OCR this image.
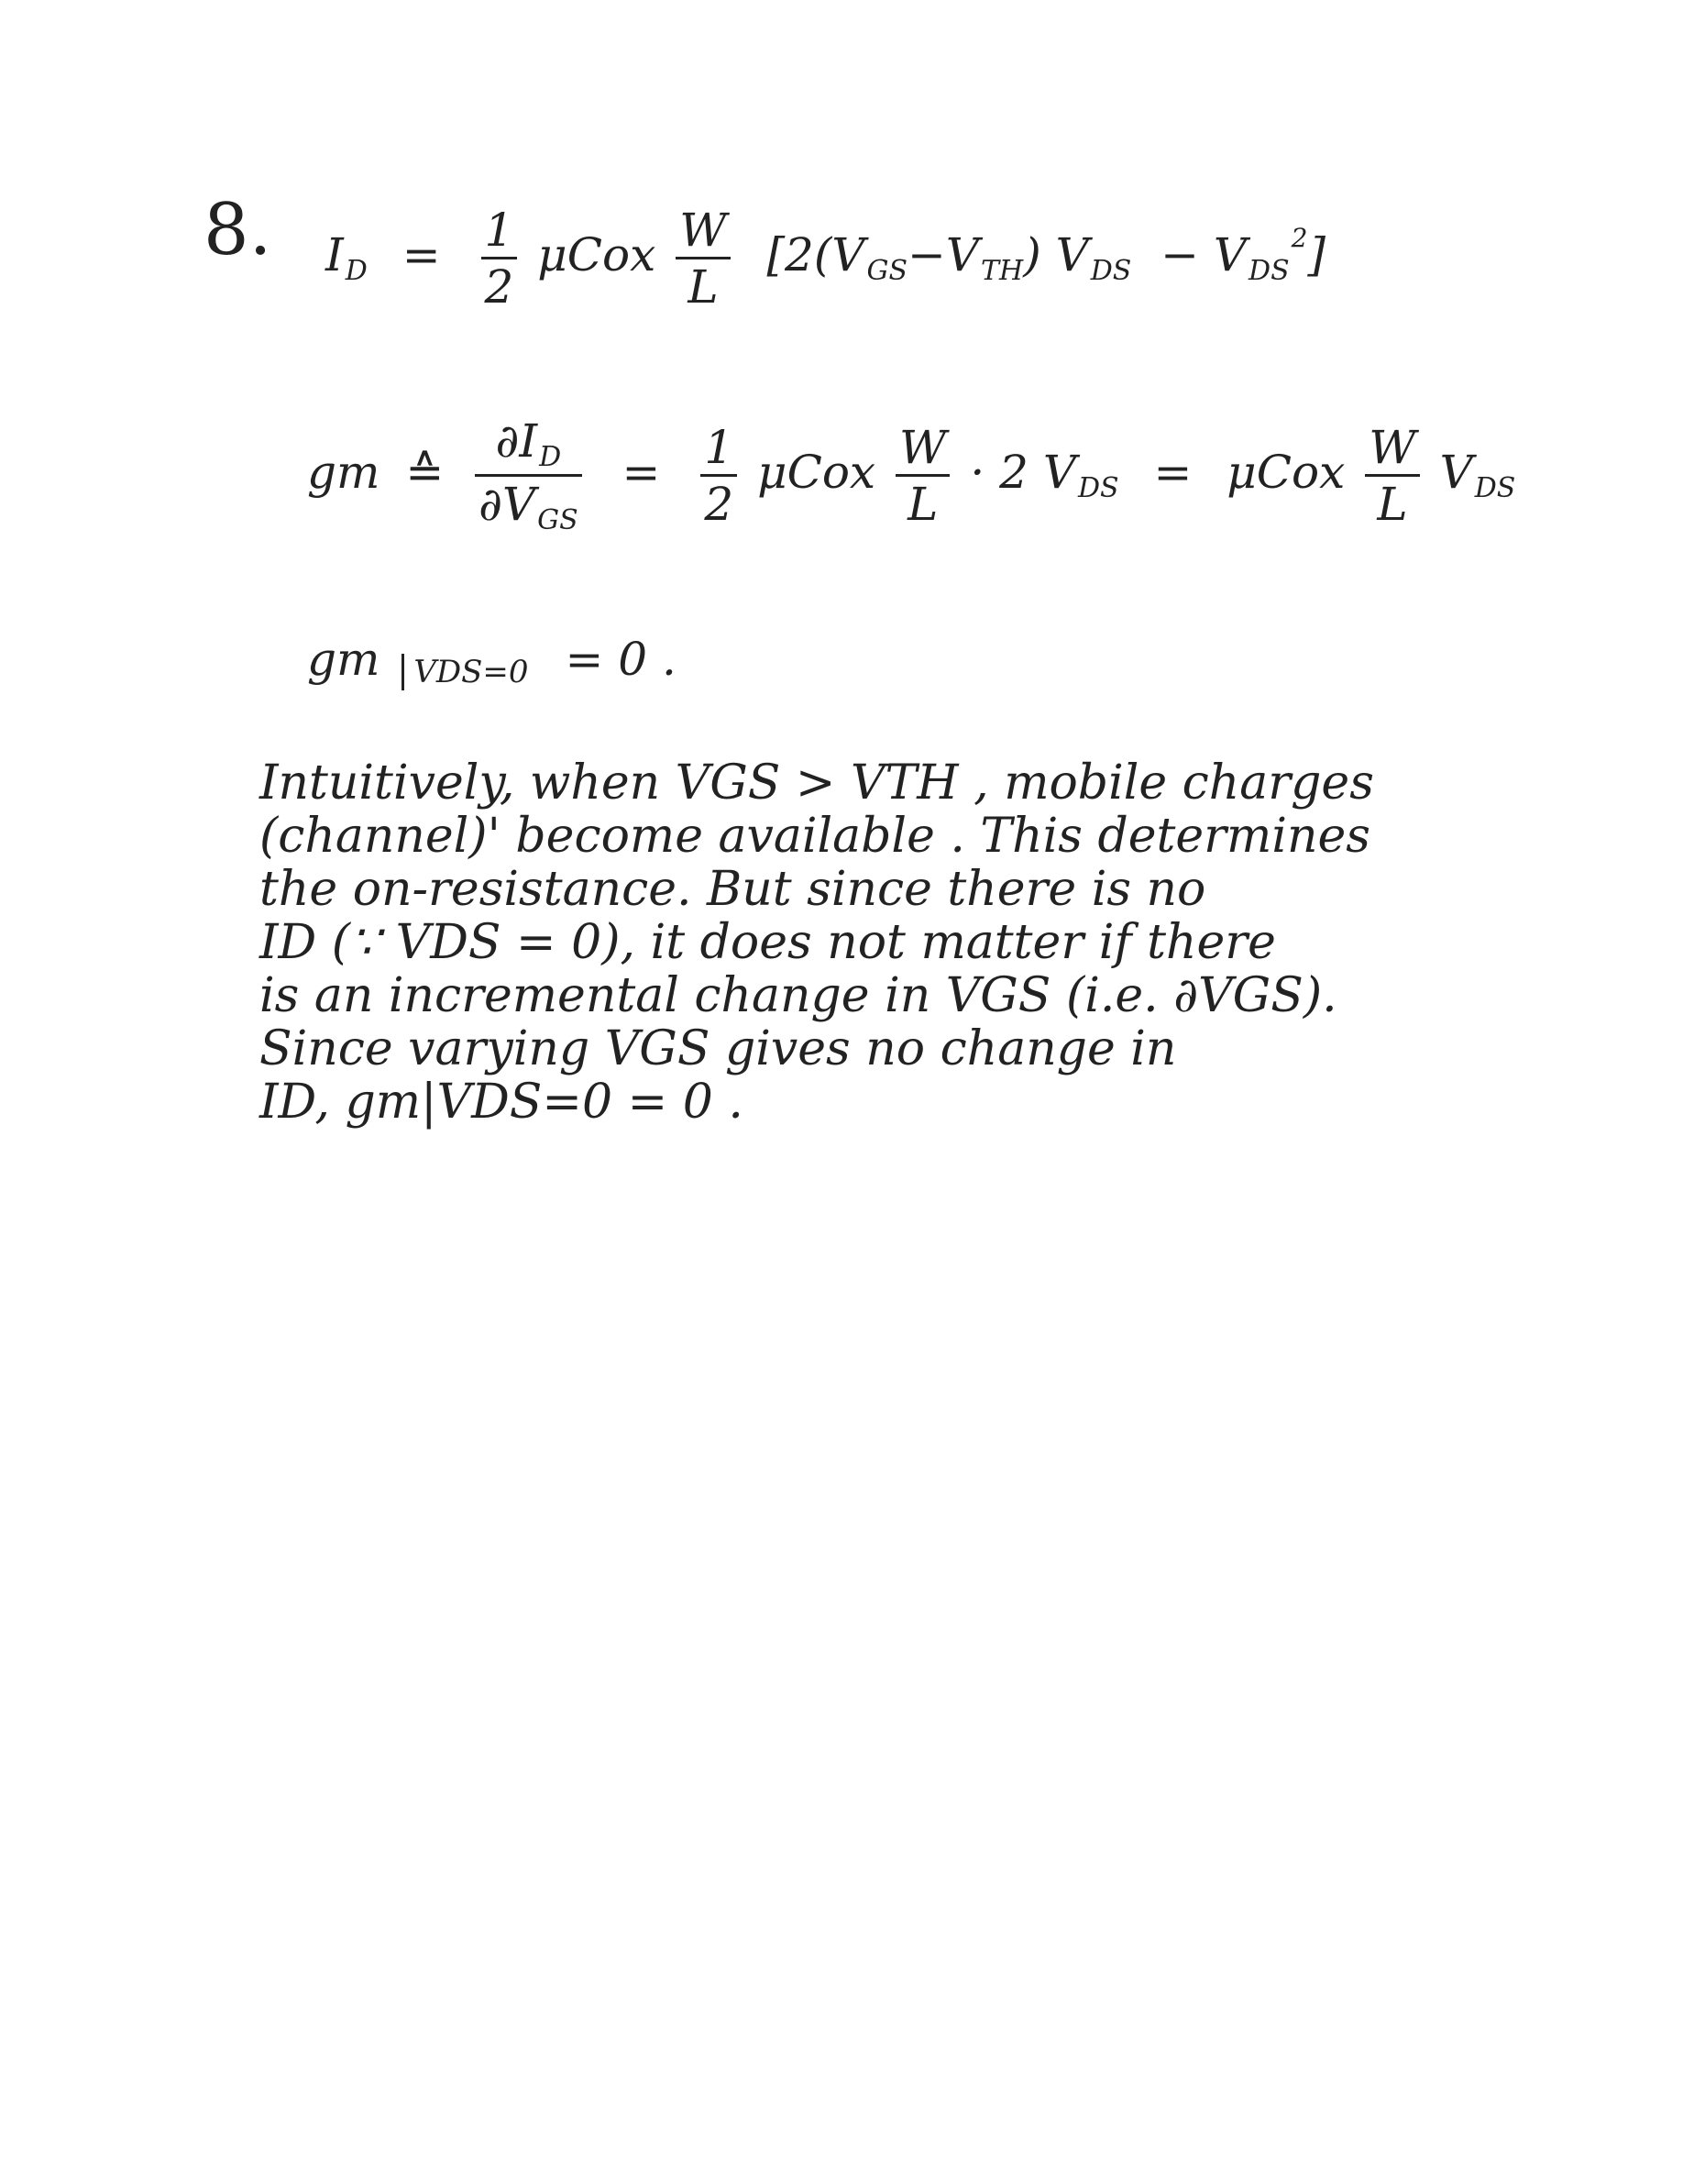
8. $I_D = \frac{1}{2}$ μCox $\frac{W}{L} [2(V_{GS}-V_{TH}) V_{DS} - V_{DS}^2]$
gm ≙ $\frac{\partial I_D}{\partial V_{GS}} = \frac{1}{2}$ μCox $\frac{W}{L} \cdot 2$ $V_{DS} = \mu Cox \frac{W}{L} V_{DS}$
gm VDS=0 = 0 .
Intuitively, when VGS > VTH , mobile charges
(channel)' become available . This determines
the on-resistance. But since there is no
ID (∵ VDS = 0), it does not matter if there
is an incremental change in VGS (i.e. ∂VGS).
Since varying VGS gives no change in
ID, gm|VDS=0 = 0 .
